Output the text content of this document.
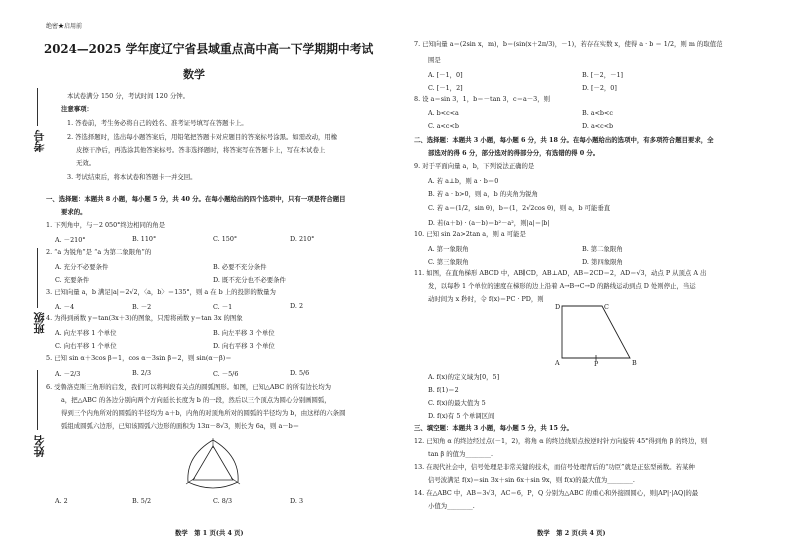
绝密★启用前
2024—2025 学年度辽宁省县域重点高中高一下学期期中考试
数学
考号
班级
姓名
本试卷满分 150 分，考试时间 120 分钟。
注意事项：
1. 答卷前，考生务必将自己的姓名、准考证号填写在答题卡上。
2. 答选择题时，选出每小题答案后，用铅笔把答题卡对应题目的答案标号涂黑。如需改动，用橡
皮擦干净后，再选涂其他答案标号。答非选择题时，将答案写在答题卡上，写在本试卷上
无效。
3. 考试结束后，将本试卷和答题卡一并交回。
一、选择题：本题共 8 小题，每小题 5 分，共 40 分。在每小题给出的四个选项中，只有一项是符合题目
要求的。
1. 下列角中，与－2 050°终边相同的角是
A. －210°	B. 110°	C. 150°	D. 210°
2. “a 为锐角”是 “a 为第二象限角”的
A. 充分不必要条件	B. 必要不充分条件
C. 充要条件	D. 既不充分也不必要条件
3. 已知向量 a，b 满足|a|＝2√2，〈a，b〉＝135°，则 a 在 b 上的投影的数量为
A. －4	B. －2	C. －1	D. 2
4. 为得到函数 y＝tan(3x＋3)的图象，只需将函数 y＝tan 3x 的图象
A. 向左平移 1 个单位	B. 向左平移 3 个单位
C. 向右平移 1 个单位	D. 向右平移 3 个单位
5. 已知 sin α＋3cos β＝1，cos α－3sin β＝2，则 sin(α－β)＝
A. －2/3	B. 2/3	C. －5/6	D. 5/6
6. 受鲁洛克斯三角形的启发，我们可以将判段有关点的圆弧图形。如图，已知△ABC 的所有边长均为
a，把△ABC 的各边分别向两个方向延长长度为 b 的一段，然后以三个顶点为圆心分别画圆弧，
得到三个内角所对的圆弧的半径均为 a＋b，内角的对顶角所对的圆弧的半径均为 b，由这样的六条圆
弧组成圆弧六边形，已知该圆弧六边形的面积为 13π－8√3，则长为 6a，则 a－b＝
A. 2	B. 5/2	C. 8/3	D. 3
数学　第 1 页(共 4 页)
7. 已知向量 a＝(2sin x，m)，b＝(sin(x＋2π/3)，－1)，若存在实数 x，使得 a · b ＝ 1/2，则 m 的取值范
围是
A. [－1，0]	B. [－2，－1]
C. [－1，2]	D. [－2，0]
8. 设 a＝sin 3，1，b＝－tan 3，c＝a－3，则
A. b<c<a	B. a<b<c
C. a<c<b	D. a<c<b
二、选择题：本题共 3 小题，每小题 6 分，共 18 分。在每小题给出的选项中，有多项符合题目要求，全
部选对的得 6 分，部分选对的得部分分，有选错的得 0 分。
9. 对于平面向量 a，b，下列说法正确的是
A. 若 a⊥b，则 a · b＝0
B. 若 a · b>0，则 a，b 的夹角为锐角
C. 若 a＝(1/2，sin θ)，b＝(1，2√2cos θ)，则 a，b 可能垂直
D. 若(a＋b) · (a－b)＝b²－a²，则|a|＝|b|
10. 已知 sin 2a>2tan a，则 a 可能是
A. 第一象限角	B. 第二象限角
C. 第三象限角	D. 第四象限角
11. 如图，在直角梯形 ABCD 中，AB∥CD，AB⊥AD，AB＝2CD＝2，AD＝√3，动点 P 从顶点 A 出
发，以每秒 1 个单位的速度在梯形的边上沿着 A→B→C→D 的路线运动到点 D 处则停止，当运
动时间为 x 秒时，令 f(x)＝PC · PD，则
D	C
A	B
P
A. f(x)的定义域为[0，5]
B. f(1)＝2
C. f(x)的最大值为 5
D. f(x)有 5 个单调区间
三、填空题：本题共 3 小题，每小题 5 分，共 15 分。
12. 已知角 α 的终边经过点(－1，2)，将角 α 的终边绕原点按逆时针方向旋转 45°得到角 β 的终边，则
tan β 的值为________.
13. 在现代社会中，信号处理是非常关键的技术，而信号处理背后的“功臣”就是正弦型函数。若某种
信号波满足 f(x)＝sin 3x＋sin 6x＋sin 9x，则 f(x)的最大值为________.
14. 在△ABC 中，AB＝3√3，AC＝6，P，Q 分别为△ABC 的重心和外接圆圆心，则|AP|·|AQ|的最
小值为________.
数学　第 2 页(共 4 页)
